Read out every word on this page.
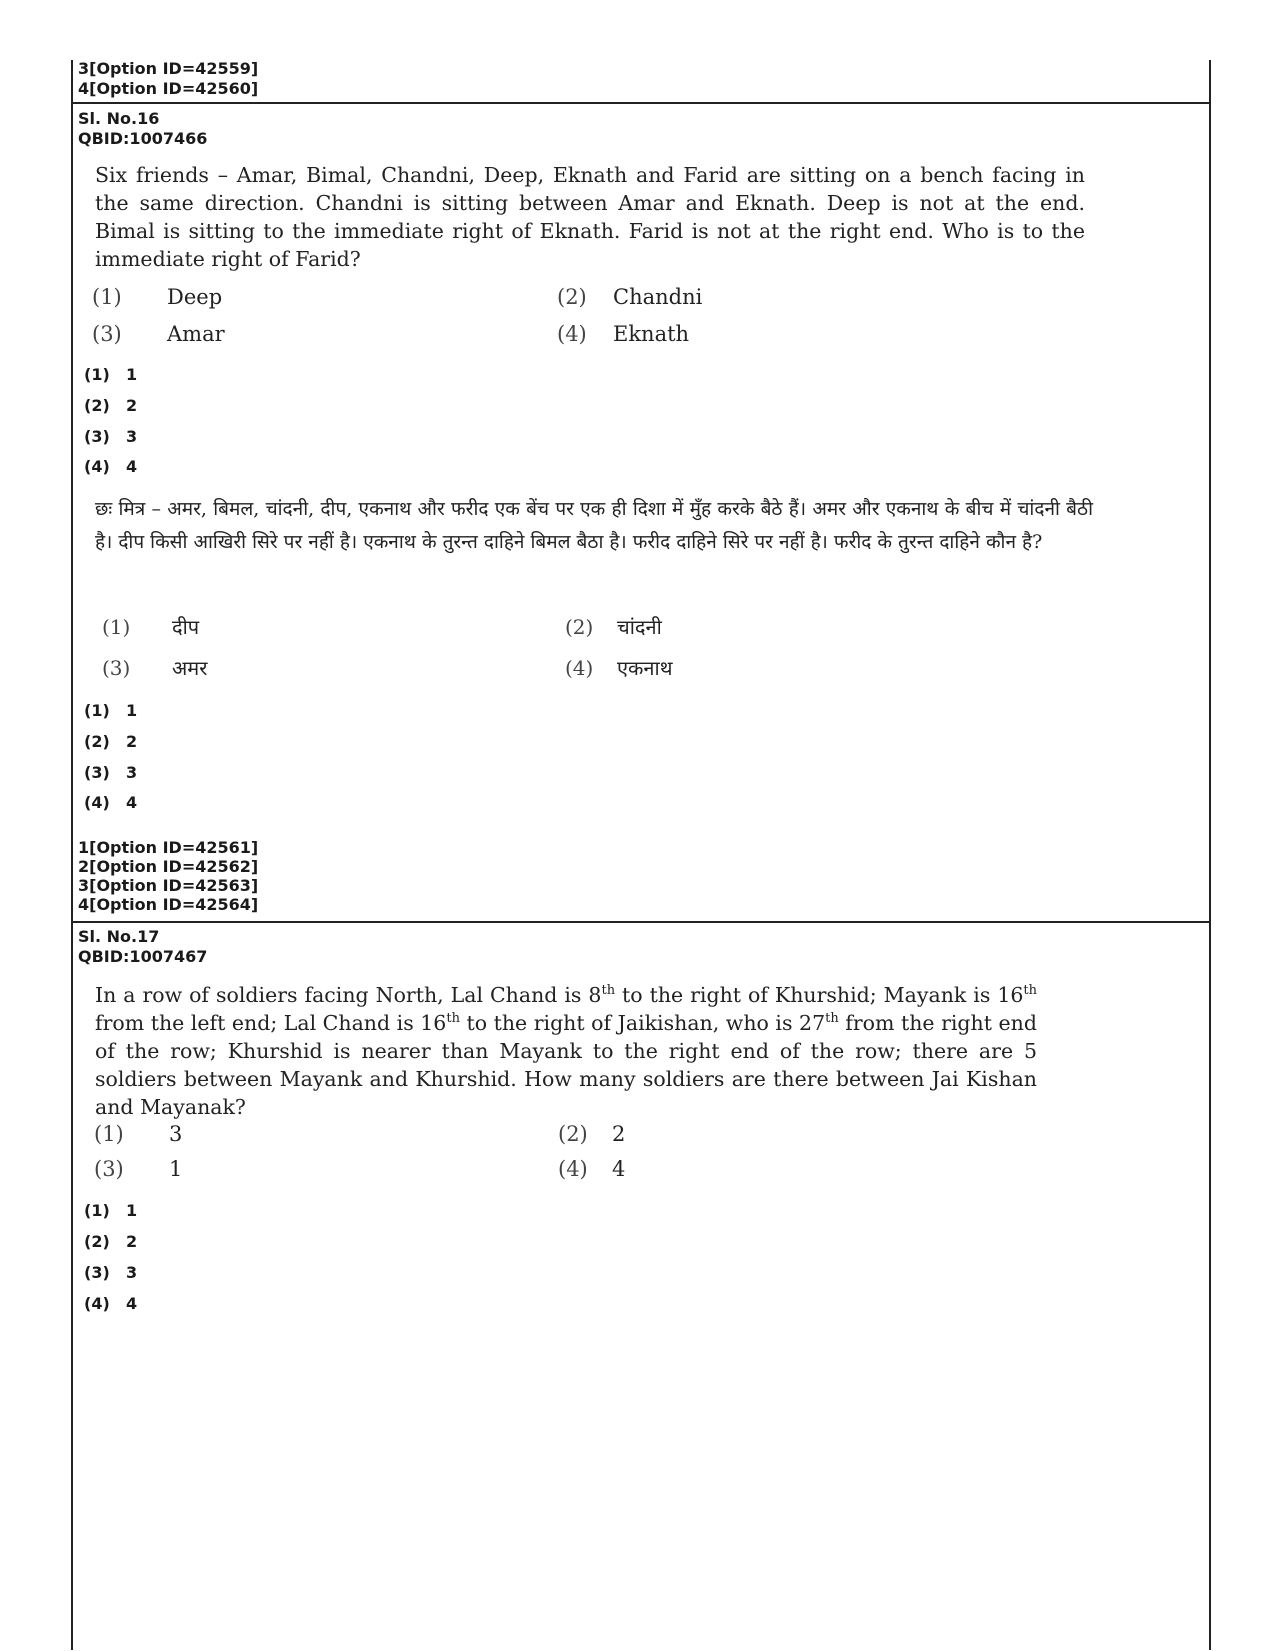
3[Option ID=42559]
4[Option ID=42560]
Sl. No.16
QBID:1007466
Six friends – Amar, Bimal, Chandni, Deep, Eknath and Farid are sitting on a bench facing in the same direction. Chandni is sitting between Amar and Eknath. Deep is not at the end. Bimal is sitting to the immediate right of Eknath. Farid is not at the right end. Who is to the immediate right of Farid?
(1) Deep	(2) Chandni
(3) Amar	(4) Eknath
(1) 1
(2) 2
(3) 3
(4) 4
छः मित्र – अमर, बिमल, चांदनी, दीप, एकनाथ और फरीद एक बेंच पर एक ही दिशा में मुँह करके बैठे हैं। अमर और एकनाथ के बीच में चांदनी बैठी है। दीप किसी आखिरी सिरे पर नहीं है। एकनाथ के तुरन्त दाहिने बिमल बैठा है। फरीद दाहिने सिरे पर नहीं है। फरीद के तुरन्त दाहिने कौन है?
(1) दीप	(2) चांदनी
(3) अमर	(4) एकनाथ
(1) 1
(2) 2
(3) 3
(4) 4
1[Option ID=42561]
2[Option ID=42562]
3[Option ID=42563]
4[Option ID=42564]
Sl. No.17
QBID:1007467
In a row of soldiers facing North, Lal Chand is 8th to the right of Khurshid; Mayank is 16th from the left end; Lal Chand is 16th to the right of Jaikishan, who is 27th from the right end of the row; Khurshid is nearer than Mayank to the right end of the row; there are 5 soldiers between Mayank and Khurshid. How many soldiers are there between Jai Kishan and Mayanak?
(1) 3	(2) 2
(3) 1	(4) 4
(1) 1
(2) 2
(3) 3
(4) 4
